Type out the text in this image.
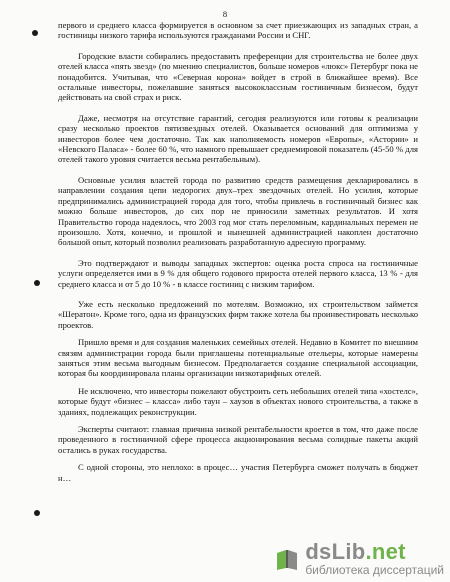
8

первого и среднего класса формируется в основном за счет приезжающих из западных стран, а гостиницы низкого тарифа используются гражданами России и СНГ.

Городские власти собирались предоставить преференции для строительства не более двух отелей класса «пять звезд» (по мнению специалистов, больше номеров «люкс» Петербург пока не понадобится. Учитывая, что «Северная корона» войдет в строй в ближайшее время). Все остальные инвесторы, пожелавшие заняться высококлассным гостиничным бизнесом, будут действовать на свой страх и риск.

Даже, несмотря на отсутствие гарантий, сегодня реализуются или готовы к реализации сразу несколько проектов пятизвездных отелей. Оказывается оснований для оптимизма у инвесторов более чем достаточно. Так как наполняемость номеров «Европы», «Астории» и «Невского Паласа» - более 60 %, что намного превышает среднемировой показатель (45-50 % для отелей такого уровня считается весьма рентабельным).

Основные усилия властей города по развитию средств размещения декларировались в направлении создания цепи недорогих двух–трех звездочных отелей. Но усилия, которые предпринимались администрацией города для того, чтобы привлечь в гостиничный бизнес как можно больше инвесторов, до сих пор не приносили заметных результатов. И хотя Правительство города надеялось, что 2003 год мог стать переломным, кардинальных перемен не произошло. Хотя, конечно, и прошлой и нынешней администрацией накоплен достаточно большой опыт, который позволил реализовать разработанную адресную программу.

Это подтверждают и выводы западных экспертов: оценка роста спроса на гостиничные услуги определяется ими в 9 % для общего годового прироста отелей первого класса, 13 % - для среднего класса и от 5 до 10 % - в классе гостиниц с низким тарифом.

Уже есть несколько предложений по мотелям. Возможно, их строительством займется «Шератон». Кроме того, одна из французских фирм также хотела бы проинвестировать несколько проектов.

Пришло время и для создания маленьких семейных отелей. Недавно в Комитет по внешним связям администрации города были приглашены потенциальные отельеры, которые намерены заняться этим весьма выгодным бизнесом. Предполагается создание специальной ассоциации, которая бы координировала планы организации низкотарифных отелей.

Не исключено, что инвесторы пожелают обустроить сеть небольших отелей типа «хостелс», которые будут «бизнес – класса» либо таун – хаузов в объектах нового строительства, а также в зданиях, подлежащих реконструкции.

Эксперты считают: главная причина низкой рентабельности кроется в том, что даже после проведенного в гостиничной сфере процесса акционирования весьма солидные пакеты акций остались в руках государства.

С одной стороны, это неплохо: в процес… участия Петербурга сможет получать в бюджет н…

dsLib.net
библиотека диссертаций
